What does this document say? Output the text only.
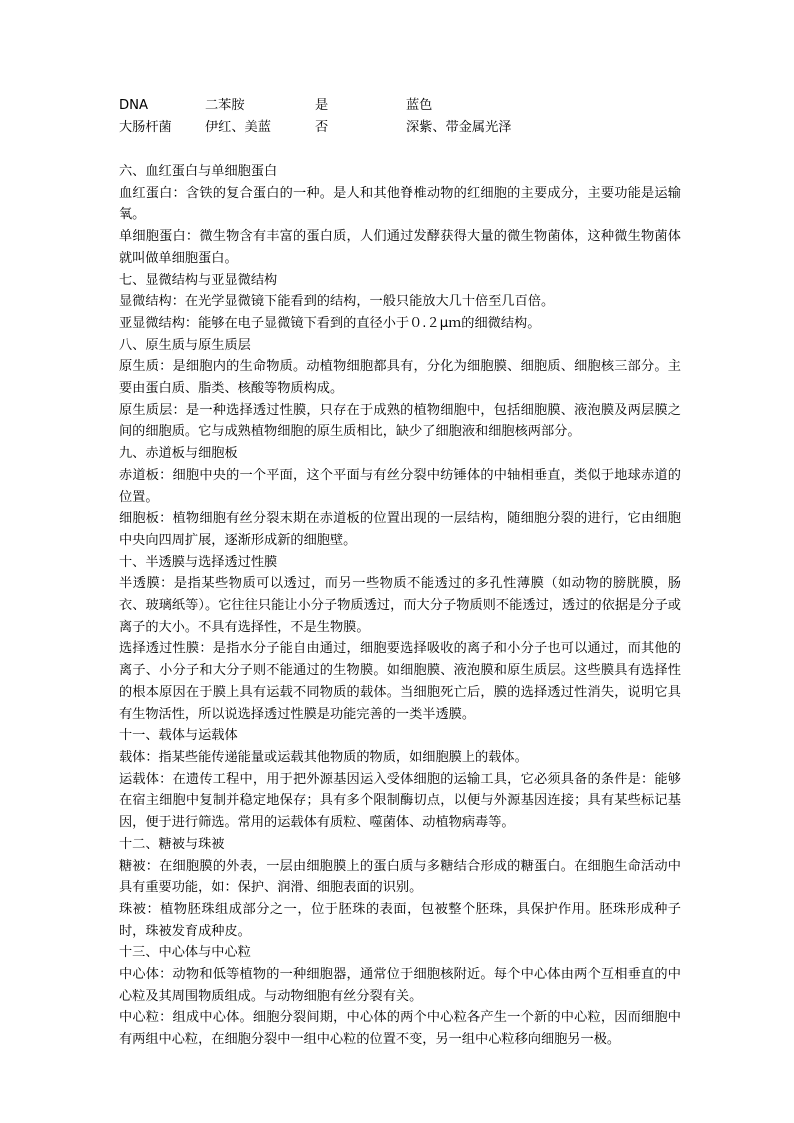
DNA	二苯胺	是	蓝色
大肠杆菌	伊红、美蓝	否	深紫、带金属光泽

六、血红蛋白与单细胞蛋白

血红蛋白：含铁的复合蛋白的一种。是人和其他脊椎动物的红细胞的主要成分，主要功能是运输氧。

单细胞蛋白：微生物含有丰富的蛋白质，人们通过发酵获得大量的微生物菌体，这种微生物菌体就叫做单细胞蛋白。

七、显微结构与亚显微结构

显微结构：在光学显微镜下能看到的结构，一般只能放大几十倍至几百倍。

亚显微结构：能够在电子显微镜下看到的直径小于０.２μｍ的细微结构。

八、原生质与原生质层

原生质：是细胞内的生命物质。动植物细胞都具有，分化为细胞膜、细胞质、细胞核三部分。主要由蛋白质、脂类、核酸等物质构成。

原生质层：是一种选择透过性膜，只存在于成熟的植物细胞中，包括细胞膜、液泡膜及两层膜之间的细胞质。它与成熟植物细胞的原生质相比，缺少了细胞液和细胞核两部分。

九、赤道板与细胞板

赤道板：细胞中央的一个平面，这个平面与有丝分裂中纺锤体的中轴相垂直，类似于地球赤道的位置。

细胞板：植物细胞有丝分裂末期在赤道板的位置出现的一层结构，随细胞分裂的进行，它由细胞中央向四周扩展，逐渐形成新的细胞壁。

十、半透膜与选择透过性膜

半透膜：是指某些物质可以透过，而另一些物质不能透过的多孔性薄膜（如动物的膀胱膜，肠衣、玻璃纸等）。它往往只能让小分子物质透过，而大分子物质则不能透过，透过的依据是分子或离子的大小。不具有选择性，不是生物膜。

选择透过性膜：是指水分子能自由通过，细胞要选择吸收的离子和小分子也可以通过，而其他的离子、小分子和大分子则不能通过的生物膜。如细胞膜、液泡膜和原生质层。这些膜具有选择性的根本原因在于膜上具有运载不同物质的载体。当细胞死亡后，膜的选择透过性消失，说明它具有生物活性，所以说选择透过性膜是功能完善的一类半透膜。

十一、载体与运载体

载体：指某些能传递能量或运载其他物质的物质，如细胞膜上的载体。

运载体：在遗传工程中，用于把外源基因运入受体细胞的运输工具，它必须具备的条件是：能够在宿主细胞中复制并稳定地保存；具有多个限制酶切点，以便与外源基因连接；具有某些标记基因，便于进行筛选。常用的运载体有质粒、噬菌体、动植物病毒等。

十二、糖被与珠被

糖被：在细胞膜的外表，一层由细胞膜上的蛋白质与多糖结合形成的糖蛋白。在细胞生命活动中具有重要功能，如：保护、润滑、细胞表面的识别。

珠被：植物胚珠组成部分之一，位于胚珠的表面，包被整个胚珠，具保护作用。胚珠形成种子时，珠被发育成种皮。

十三、中心体与中心粒

中心体：动物和低等植物的一种细胞器，通常位于细胞核附近。每个中心体由两个互相垂直的中心粒及其周围物质组成。与动物细胞有丝分裂有关。

中心粒：组成中心体。细胞分裂间期，中心体的两个中心粒各产生一个新的中心粒，因而细胞中有两组中心粒，在细胞分裂中一组中心粒的位置不变，另一组中心粒移向细胞另一极。
